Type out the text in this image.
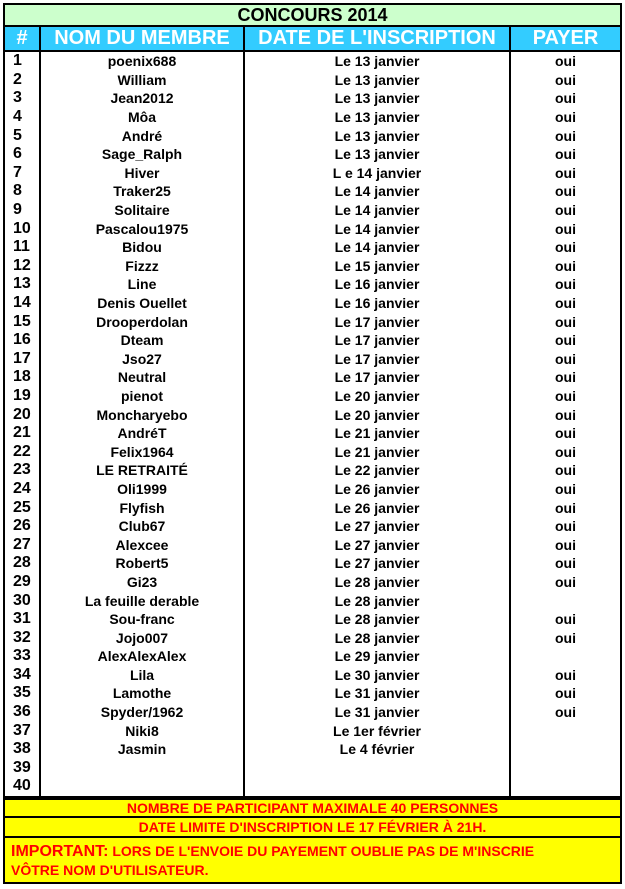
CONCOURS 2014
#	NOM DU MEMBRE	DATE DE L'INSCRIPTION	PAYER
1	poenix688	Le 13 janvier	oui
2	William	Le 13 janvier	oui
3	Jean2012	Le 13 janvier	oui
4	Môa	Le 13 janvier	oui
5	André	Le 13 janvier	oui
6	Sage_Ralph	Le 13 janvier	oui
7	Hiver	L e 14 janvier	oui
8	Traker25	Le 14 janvier	oui
9	Solitaire	Le 14 janvier	oui
10	Pascalou1975	Le 14 janvier	oui
11	Bidou	Le 14 janvier	oui
12	Fizzz	Le 15 janvier	oui
13	Line	Le 16 janvier	oui
14	Denis Ouellet	Le 16 janvier	oui
15	Drooperdolan	Le 17 janvier	oui
16	Dteam	Le 17 janvier	oui
17	Jso27	Le 17 janvier	oui
18	Neutral	Le 17 janvier	oui
19	pienot	Le 20 janvier	oui
20	Moncharyebo	Le 20 janvier	oui
21	AndréT	Le 21 janvier	oui
22	Felix1964	Le 21 janvier	oui
23	LE RETRAITÉ	Le 22 janvier	oui
24	Oli1999	Le 26 janvier	oui
25	Flyfish	Le 26 janvier	oui
26	Club67	Le 27 janvier	oui
27	Alexcee	Le 27 janvier	oui
28	Robert5	Le 27 janvier	oui
29	Gi23	Le 28 janvier	oui
30	La feuille derable	Le 28 janvier
31	Sou-franc	Le 28 janvier	oui
32	Jojo007	Le 28 janvier	oui
33	AlexAlexAlex	Le 29 janvier
34	Lila	Le 30 janvier	oui
35	Lamothe	Le 31 janvier	oui
36	Spyder/1962	Le 31 janvier	oui
37	Niki8	Le 1er février
38	Jasmin	Le 4 février
39
40
NOMBRE DE PARTICIPANT MAXIMALE 40 PERSONNES
DATE LIMITE D'INSCRIPTION LE 17 FÉVRIER À 21H.
IMPORTANT: LORS DE L'ENVOIE DU PAYEMENT OUBLIE PAS DE M'INSCRIE
VÔTRE NOM D'UTILISATEUR.
